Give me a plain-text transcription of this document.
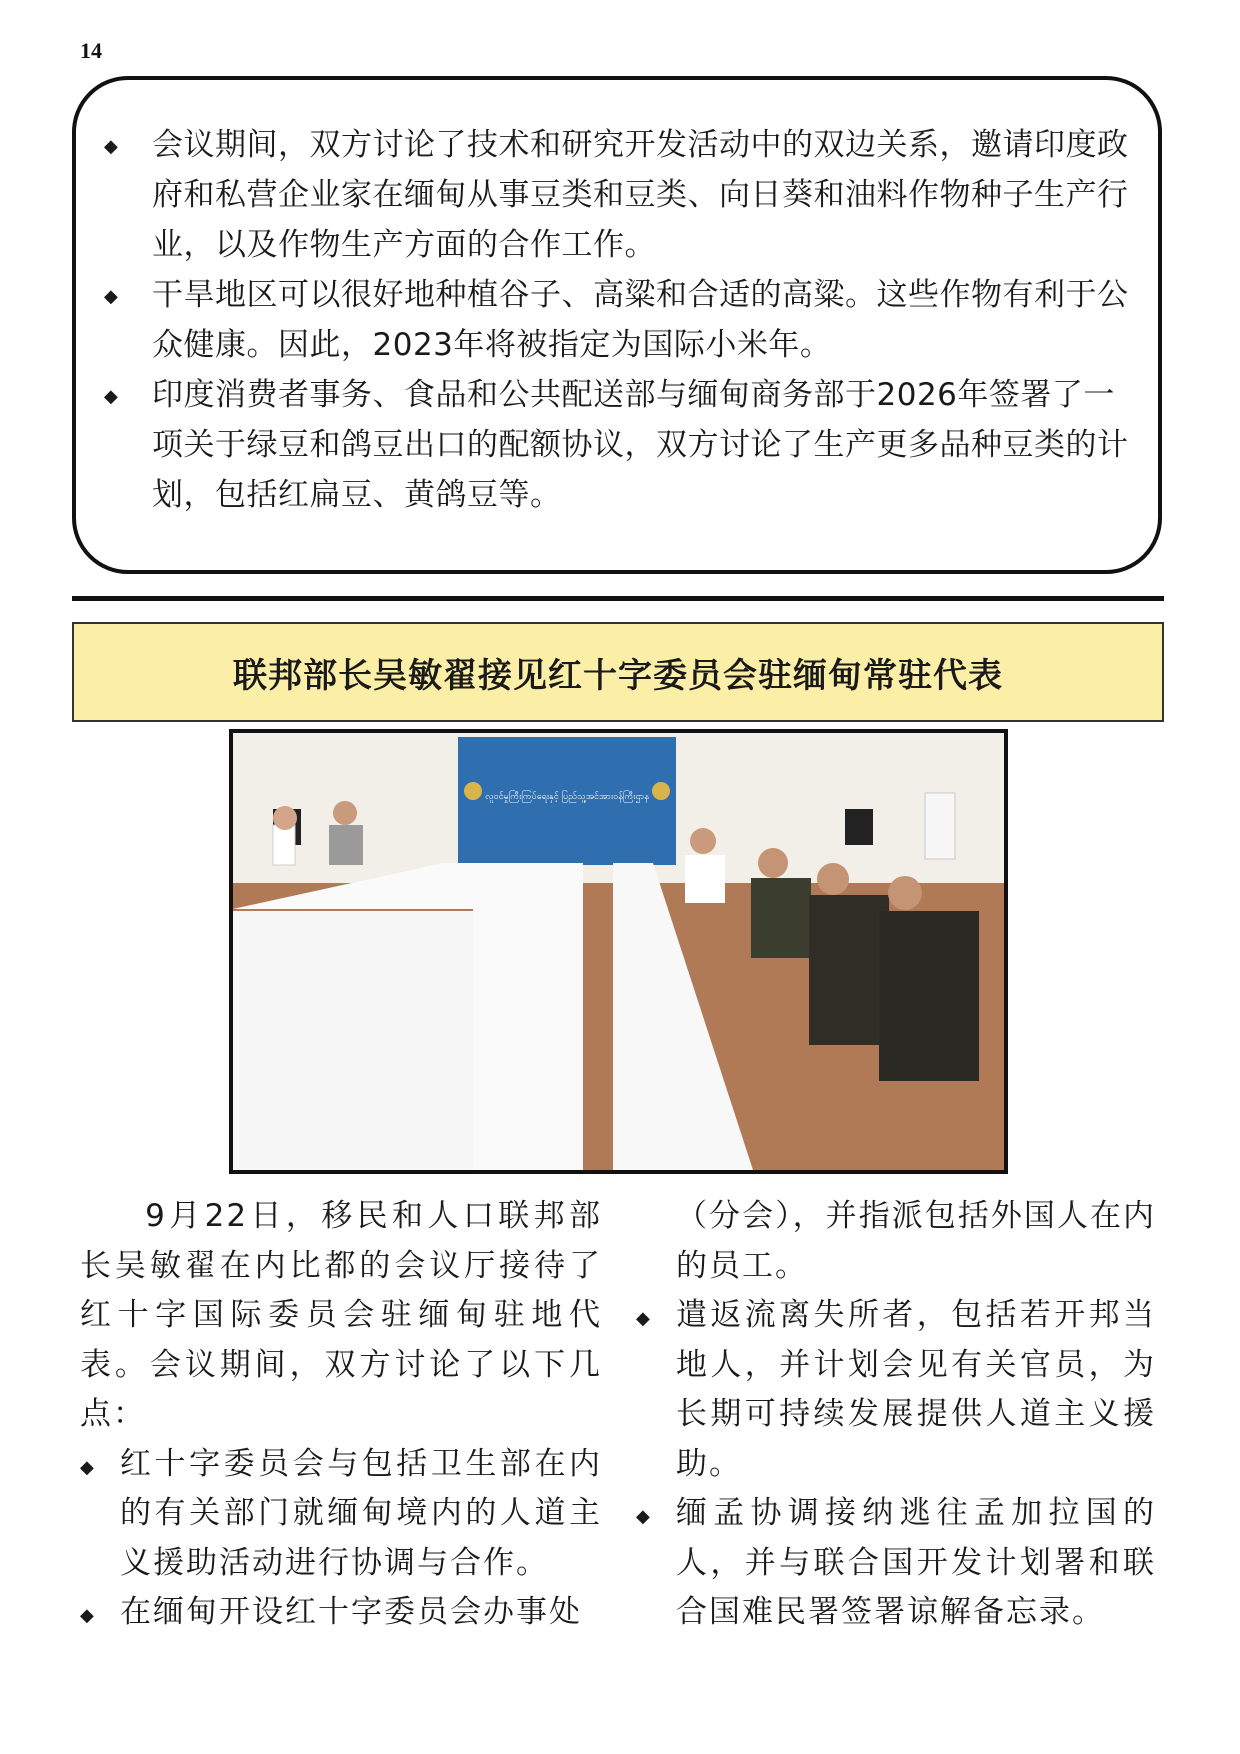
14
◆ 会议期间，双方讨论了技术和研究开发活动中的双边关系，邀请印度政府和私营企业家在缅甸从事豆类和豆类、向日葵和油料作物种子生产行业，以及作物生产方面的合作工作。
◆ 干旱地区可以很好地种植谷子、高粱和合适的高粱。这些作物有利于公众健康。因此，2023年将被指定为国际小米年。
◆ 印度消费者事务、食品和公共配送部与缅甸商务部于2026年签署了一项关于绿豆和鸽豆出口的配额协议，双方讨论了生产更多品种豆类的计划，包括红扁豆、黄鸽豆等。
联邦部长吴敏翟接见红十字委员会驻缅甸常驻代表
လူဝင်မှုကြီးကြပ်ရေးနှင့် ပြည်သူ့အင်အားဝန်ကြီးဌာန

9月22日，移民和人口联邦部长吴敏翟在内比都的会议厅接待了红十字国际委员会驻缅甸驻地代表。会议期间，双方讨论了以下几点：

◆ 红十字委员会与包括卫生部在内的有关部门就缅甸境内的人道主义援助活动进行协调与合作。
◆ 在缅甸开设红十字委员会办事处

（分会），并指派包括外国人在内的员工。

◆ 遣返流离失所者，包括若开邦当地人，并计划会见有关官员，为长期可持续发展提供人道主义援助。
◆ 缅孟协调接纳逃往孟加拉国的人，并与联合国开发计划署和联合国难民署签署谅解备忘录。
